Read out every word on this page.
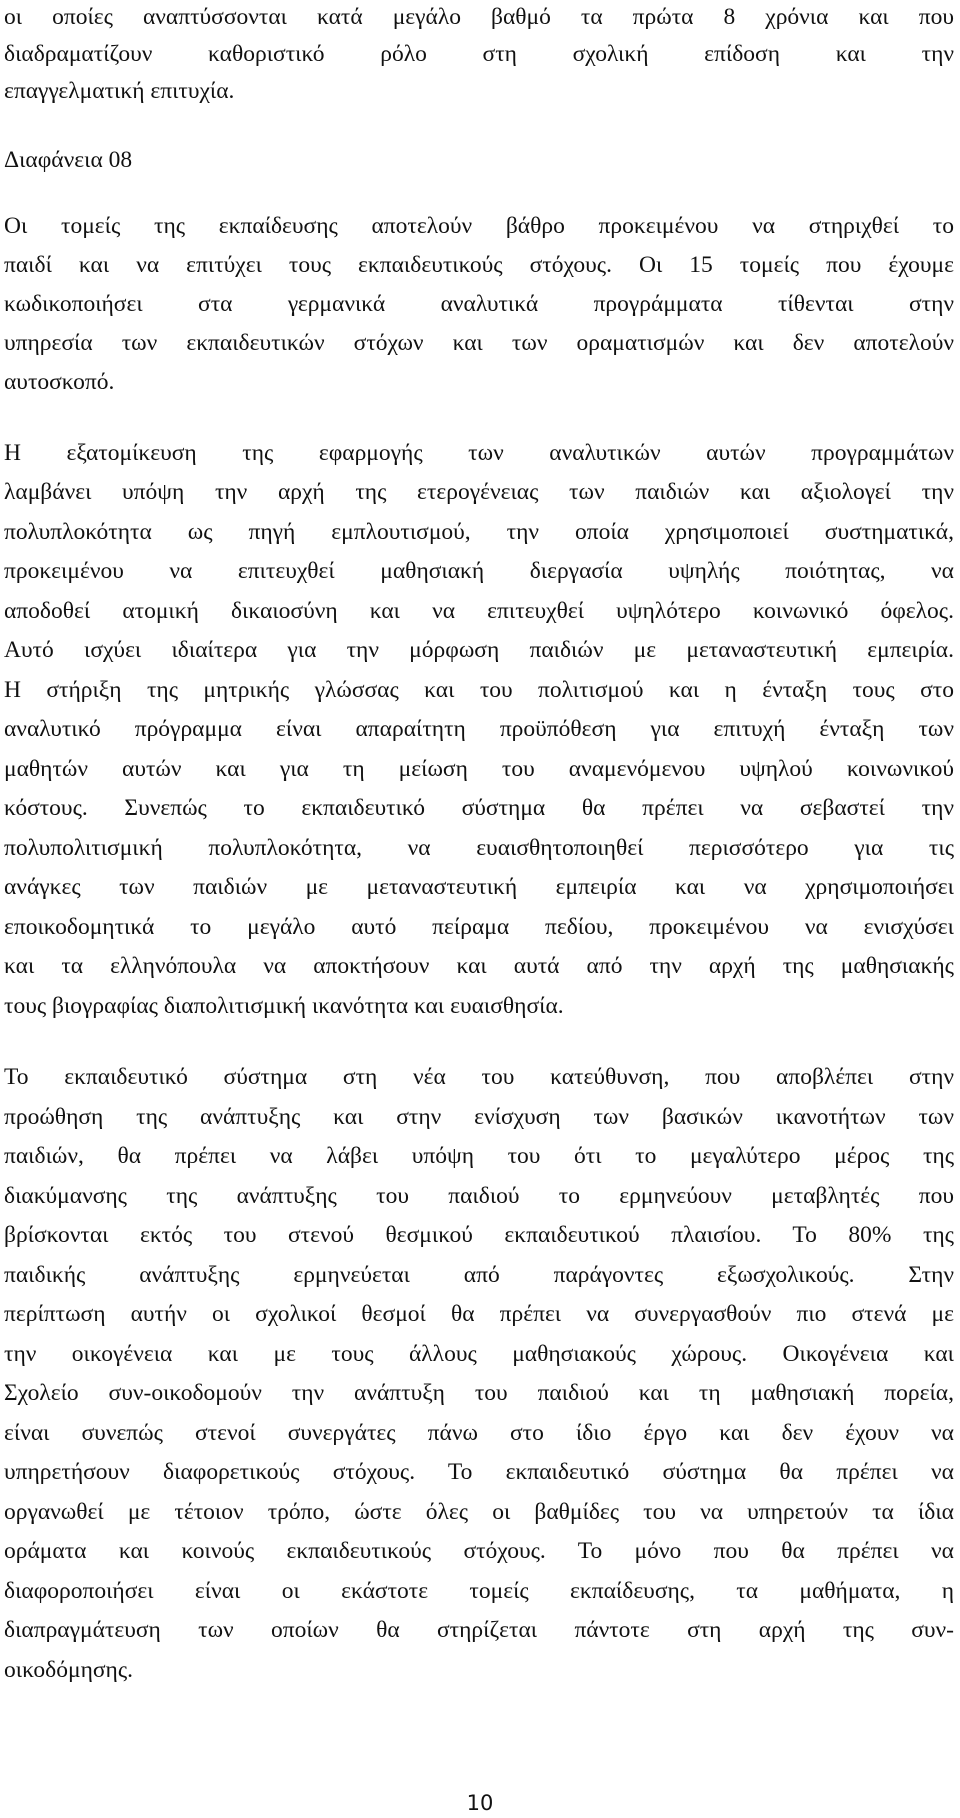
οι οποίες αναπτύσσονται κατά μεγάλο βαθμό τα πρώτα 8 χρόνια και που
διαδραματίζουν καθοριστικό ρόλο στη σχολική επίδοση και την
επαγγελματική επιτυχία.
Διαφάνεια 08
Οι τομείς της εκπαίδευσης αποτελούν βάθρο προκειμένου να στηριχθεί το
παιδί και να επιτύχει τους εκπαιδευτικούς στόχους. Οι 15 τομείς που έχουμε
κωδικοποιήσει στα γερμανικά αναλυτικά προγράμματα τίθενται στην
υπηρεσία των εκπαιδευτικών στόχων και των οραματισμών και δεν αποτελούν
αυτοσκοπό.
Η εξατομίκευση της εφαρμογής των αναλυτικών αυτών προγραμμάτων
λαμβάνει υπόψη την αρχή της ετερογένειας των παιδιών και αξιολογεί την
πολυπλοκότητα ως πηγή εμπλουτισμού, την οποία χρησιμοποιεί συστηματικά,
προκειμένου να επιτευχθεί μαθησιακή διεργασία υψηλής ποιότητας, να
αποδοθεί ατομική δικαιοσύνη και να επιτευχθεί υψηλότερο κοινωνικό όφελος.
Αυτό ισχύει ιδιαίτερα για την μόρφωση παιδιών με μεταναστευτική εμπειρία.
Η στήριξη της μητρικής γλώσσας και του πολιτισμού και η ένταξη τους στο
αναλυτικό πρόγραμμα είναι απαραίτητη προϋπόθεση για επιτυχή ένταξη των
μαθητών αυτών και για τη μείωση του αναμενόμενου υψηλού κοινωνικού
κόστους. Συνεπώς το εκπαιδευτικό σύστημα θα πρέπει να σεβαστεί την
πολυπολιτισμική πολυπλοκότητα, να ευαισθητοποιηθεί περισσότερο για τις
ανάγκες των παιδιών με μεταναστευτική εμπειρία και να χρησιμοποιήσει
εποικοδομητικά το μεγάλο αυτό πείραμα πεδίου, προκειμένου να ενισχύσει
και τα ελληνόπουλα να αποκτήσουν και αυτά από την αρχή της μαθησιακής
τους βιογραφίας διαπολιτισμική ικανότητα και ευαισθησία.
Το εκπαιδευτικό σύστημα στη νέα του κατεύθυνση, που αποβλέπει στην
προώθηση της ανάπτυξης και στην ενίσχυση των βασικών ικανοτήτων των
παιδιών, θα πρέπει να λάβει υπόψη του ότι το μεγαλύτερο μέρος της
διακύμανσης της ανάπτυξης του παιδιού το ερμηνεύουν μεταβλητές που
βρίσκονται εκτός του στενού θεσμικού εκπαιδευτικού πλαισίου. Το 80% της
παιδικής ανάπτυξης ερμηνεύεται από παράγοντες εξωσχολικούς. Στην
περίπτωση αυτήν οι σχολικοί θεσμοί θα πρέπει να συνεργασθούν πιο στενά με
την οικογένεια και με τους άλλους μαθησιακούς χώρους. Οικογένεια και
Σχολείο συν-οικοδομούν την ανάπτυξη του παιδιού και τη μαθησιακή πορεία,
είναι συνεπώς στενοί συνεργάτες πάνω στο ίδιο έργο και δεν έχουν να
υπηρετήσουν διαφορετικούς στόχους. Το εκπαιδευτικό σύστημα θα πρέπει να
οργανωθεί με τέτοιον τρόπο, ώστε όλες οι βαθμίδες του να υπηρετούν τα ίδια
οράματα και κοινούς εκπαιδευτικούς στόχους. Το μόνο που θα πρέπει να
διαφοροποιήσει είναι οι εκάστοτε τομείς εκπαίδευσης, τα μαθήματα, η
διαπραγμάτευση των οποίων θα στηρίζεται πάντοτε στη αρχή της συν-
οικοδόμησης.
10
